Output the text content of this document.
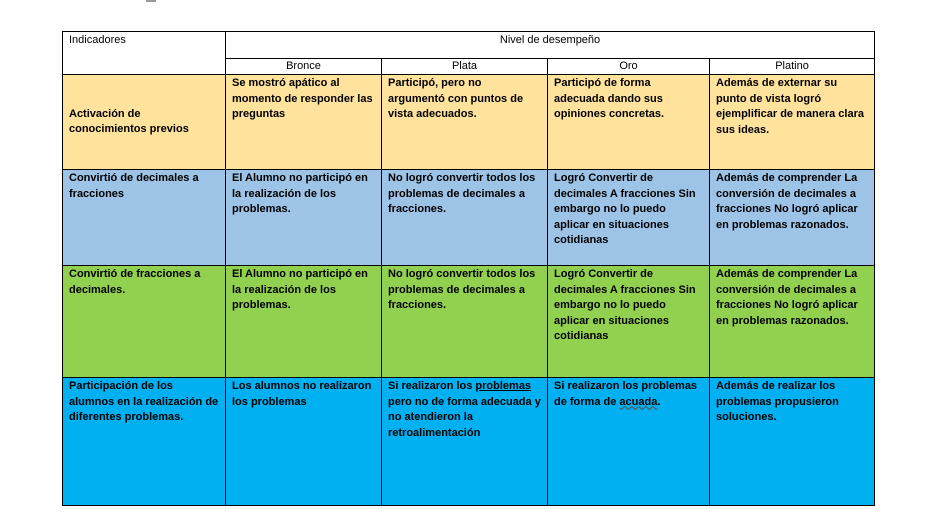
Indicadores	Nivel de desempeño			
	Bronce	Plata	Oro	Platino
Activación de conocimientos previos	Se mostró apático al momento de responder las preguntas	Participó, pero no argumentó con puntos de vista adecuados.	Participó de forma adecuada dando sus opiniones concretas.	Además de externar su punto de vista logró ejemplificar de manera clara sus ideas.
Convirtió de decimales a fracciones	El Alumno no participó en la realización de los problemas.	No logró convertir todos los problemas de decimales a fracciones.	Logró Convertir de decimales A fracciones Sin embargo no lo puedo aplicar en situaciones cotidianas	Además de comprender La conversión de decimales a fracciones No logró aplicar en problemas razonados.
Convirtió de fracciones a decimales.	El Alumno no participó en la realización de los problemas.	No logró convertir todos los problemas de decimales a fracciones.	Logró Convertir de decimales A fracciones Sin embargo no lo puedo aplicar en situaciones cotidianas	Además de comprender La conversión de decimales a fracciones No logró aplicar en problemas razonados.
Participación de los alumnos en la realización de diferentes problemas.	Los alumnos no realizaron los problemas	Si realizaron los problemas pero no de forma adecuada y no atendieron la retroalimentación	Si realizaron los problemas de forma de acuada.	Además de realizar los problemas propusieron soluciones.
